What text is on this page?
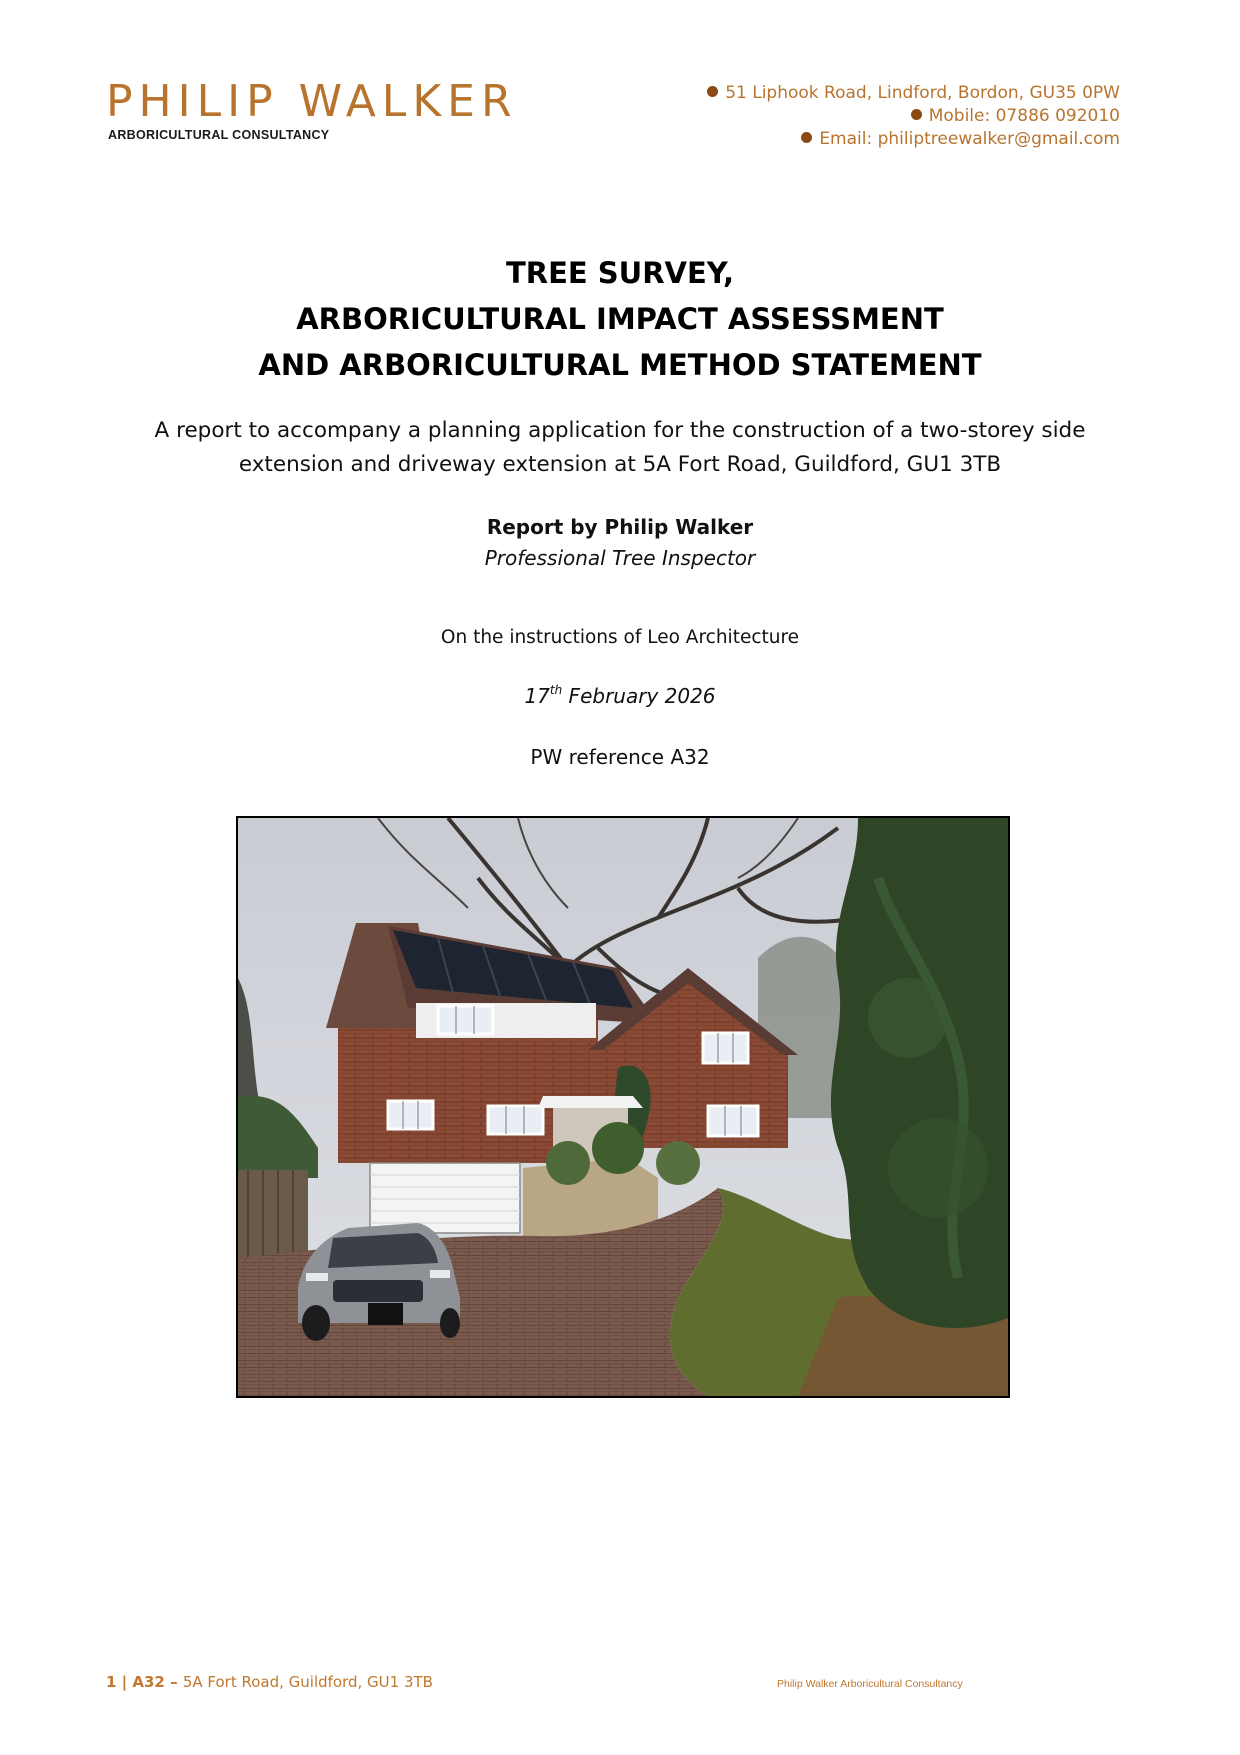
PHILIP WALKER
ARBORICULTURAL CONSULTANCY
51 Liphook Road, Lindford, Bordon, GU35 0PW
Mobile: 07886 092010
Email: philiptreewalker@gmail.com
TREE SURVEY,
ARBORICULTURAL IMPACT ASSESSMENT
AND ARBORICULTURAL METHOD STATEMENT
A report to accompany a planning application for the construction of a two-storey side
extension and driveway extension at 5A Fort Road, Guildford, GU1 3TB
Report by Philip Walker
Professional Tree Inspector
On the instructions of Leo Architecture
17th February 2026
PW reference A32
1 | A32 – 5A Fort Road, Guildford, GU1 3TB	Philip Walker Arboricultural Consultancy
